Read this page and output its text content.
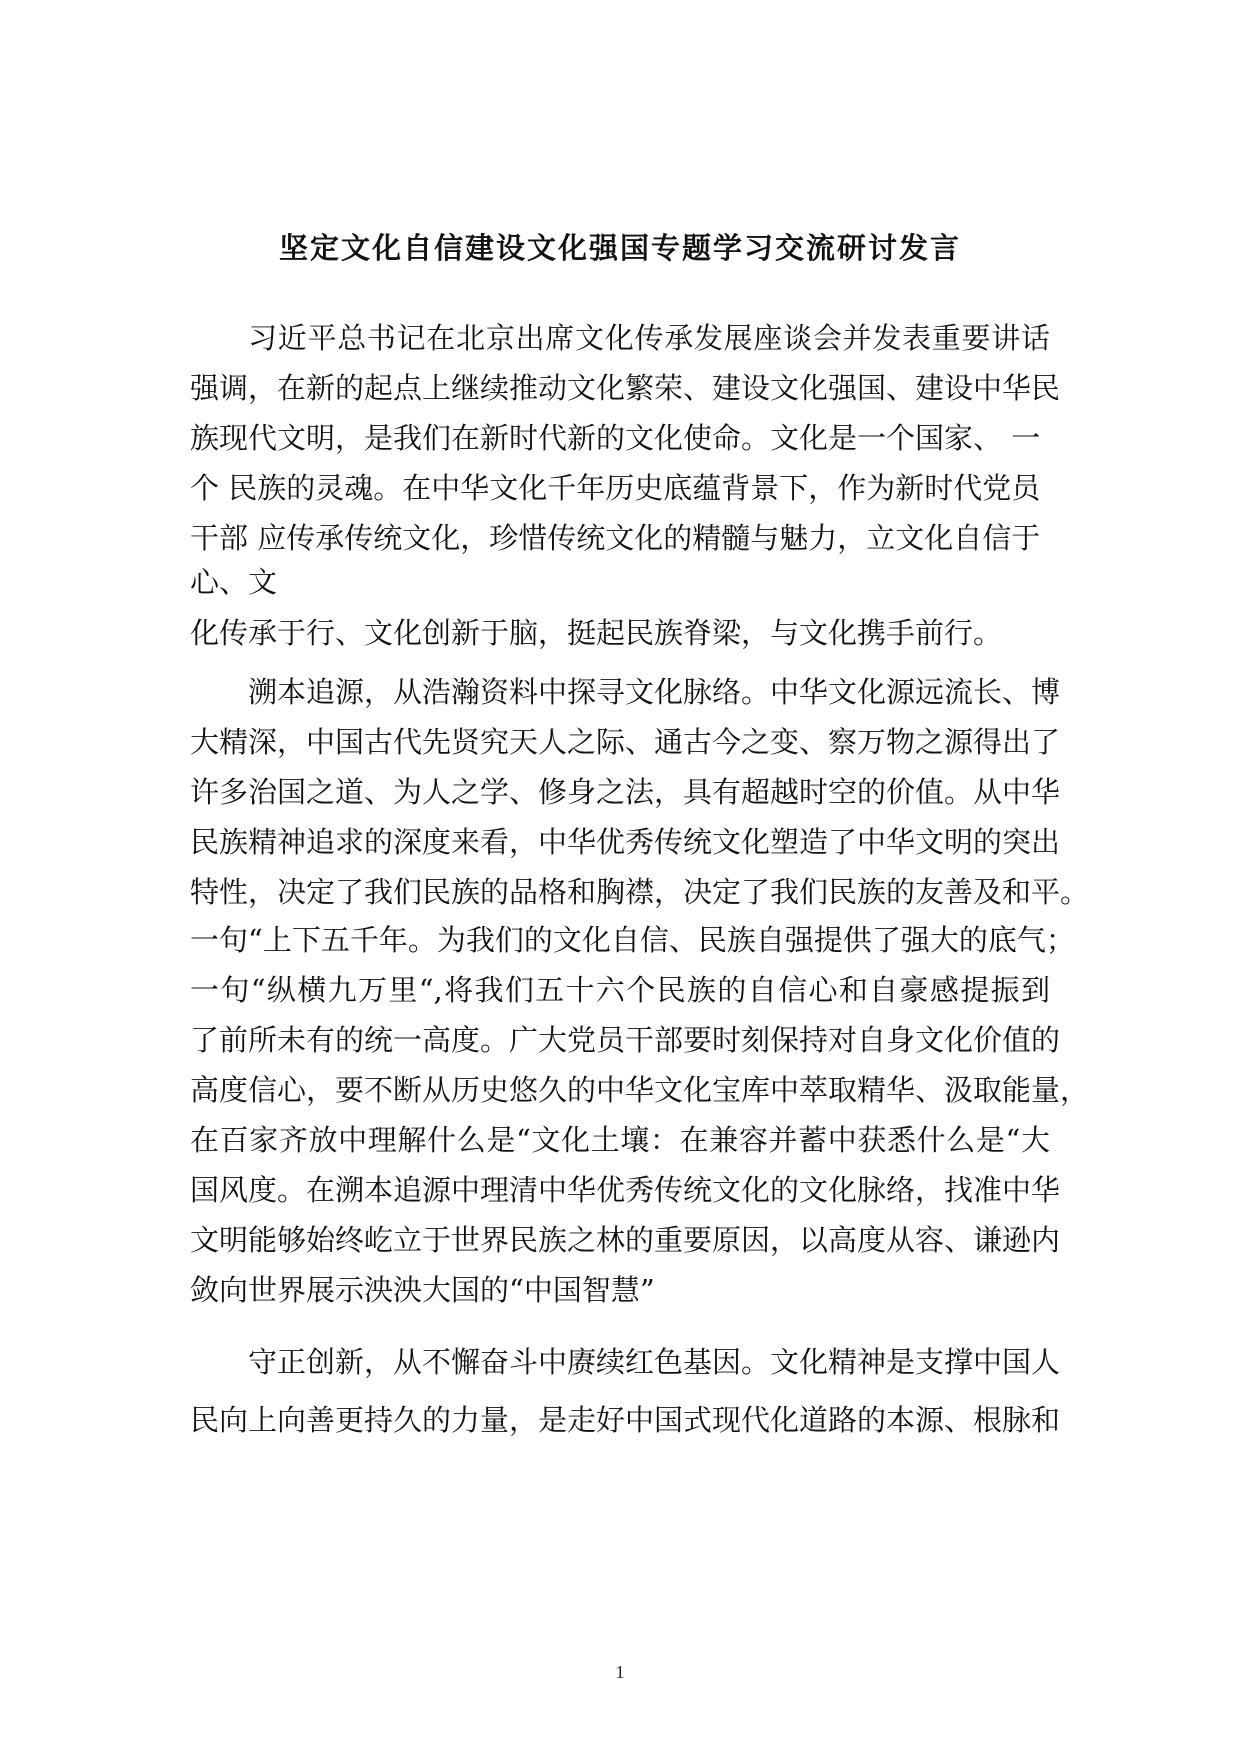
坚定文化自信建设文化强国专题学习交流研讨发言
习近平总书记在北京出席文化传承发展座谈会并发表重要讲话
强调，在新的起点上继续推动文化繁荣、建设文化强国、建设中华民
族现代文明，是我们在新时代新的文化使命。文化是一个国家、 一
个 民族的灵魂。在中华文化千年历史底蕴背景下，作为新时代党员
干部 应传承传统文化，珍惜传统文化的精髓与魅力，立文化自信于
心、文
化传承于行、文化创新于脑，挺起民族脊梁，与文化携手前行。
溯本追源，从浩瀚资料中探寻文化脉络。中华文化源远流长、博
大精深，中国古代先贤究天人之际、通古今之变、察万物之源得出了
许多治国之道、为人之学、修身之法，具有超越时空的价值。从中华
民族精神追求的深度来看，中华优秀传统文化塑造了中华文明的突出
特性，决定了我们民族的品格和胸襟，决定了我们民族的友善及和平。
一句“上下五千年。为我们的文化自信、民族自强提供了强大的底气；
一句“纵横九万里“,将我们五十六个民族的自信心和自豪感提振到
了前所未有的统一高度。广大党员干部要时刻保持对自身文化价值的
高度信心，要不断从历史悠久的中华文化宝库中萃取精华、汲取能量，
在百家齐放中理解什么是“文化土壤：在兼容并蓄中获悉什么是“大
国风度。在溯本追源中理清中华优秀传统文化的文化脉络，找准中华
文明能够始终屹立于世界民族之林的重要原因，以高度从容、谦逊内
敛向世界展示泱泱大国的“中国智慧”
守正创新，从不懈奋斗中赓续红色基因。文化精神是支撑中国人
民向上向善更持久的力量，是走好中国式现代化道路的本源、根脉和
1
